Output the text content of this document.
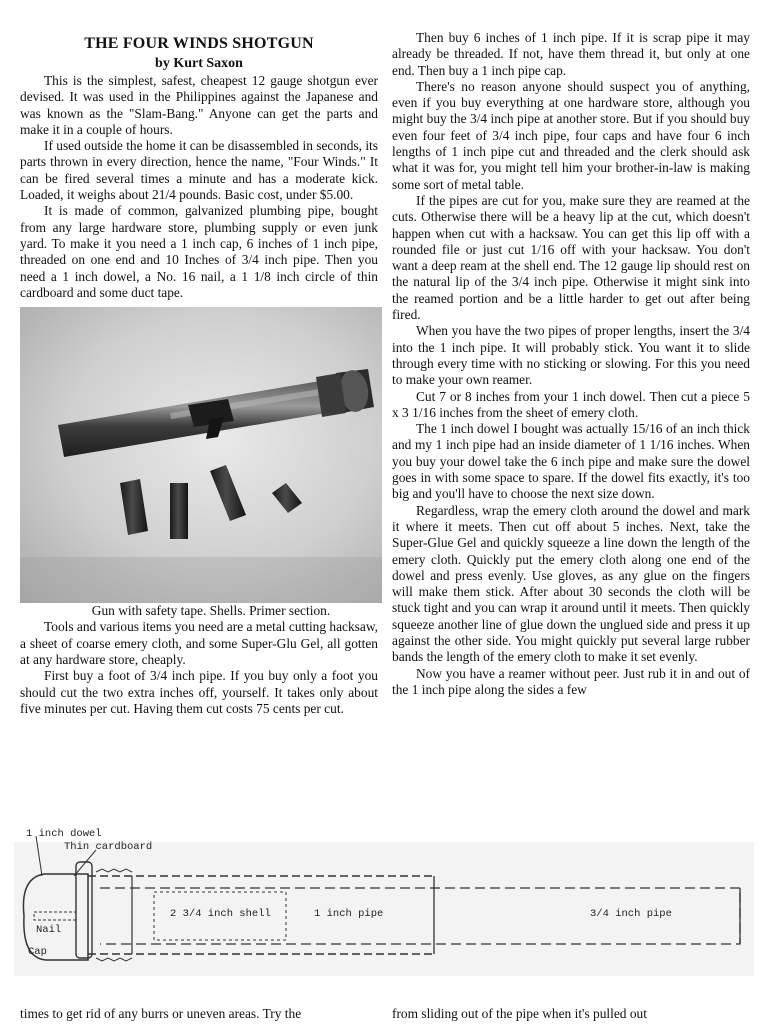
THE FOUR WINDS SHOTGUN
by Kurt Saxon

This is the simplest, safest, cheapest 12 gauge shotgun ever devised. It was used in the Philippines against the Japanese and was known as the "Slam-Bang." Anyone can get the parts and make it in a couple of hours.

If used outside the home it can be disassembled in seconds, its parts thrown in every direction, hence the name, "Four Winds." It can be fired several times a minute and has a moderate kick. Loaded, it weighs about 21/4 pounds. Basic cost, under $5.00.

It is made of common, galvanized plumbing pipe, bought from any large hardware store, plumbing supply or even junk yard. To make it you need a 1 inch cap, 6 inches of 1 inch pipe, threaded on one end and 10 Inches of 3/4 inch pipe. Then you need a 1 inch dowel, a No. 16 nail, a 1 1/8 inch circle of thin cardboard and some duct tape.

Gun with safety tape. Shells. Primer section.

Tools and various items you need are a metal cutting hacksaw, a sheet of coarse emery cloth, and some Super-Glu Gel, all gotten at any hardware store, cheaply.

First buy a foot of 3/4 inch pipe. If you buy only a foot you should cut the two extra inches off, yourself. It takes only about five minutes per cut. Having them cut costs 75 cents per cut.

Then buy 6 inches of 1 inch pipe. If it is scrap pipe it may already be threaded. If not, have them thread it, but only at one end. Then buy a 1 inch pipe cap.

There's no reason anyone should suspect you of anything, even if you buy everything at one hardware store, although you might buy the 3/4 inch pipe at another store. But if you should buy even four feet of 3/4 inch pipe, four caps and have four 6 inch lengths of 1 inch pipe cut and threaded and the clerk should ask what it was for, you might tell him your brother-in-law is making some sort of metal table.

If the pipes are cut for you, make sure they are reamed at the cuts. Otherwise there will be a heavy lip at the cut, which doesn't happen when cut with a hacksaw. You can get this lip off with a rounded file or just cut 1/16 off with your hacksaw. You don't want a deep ream at the shell end. The 12 gauge lip should rest on the natural lip of the 3/4 inch pipe. Otherwise it might sink into the reamed portion and be a little harder to get out after being fired.

When you have the two pipes of proper lengths, insert the 3/4 into the 1 inch pipe. It will probably stick. You want it to slide through every time with no sticking or slowing. For this you need to make your own reamer.

Cut 7 or 8 inches from your 1 inch dowel. Then cut a piece 5 x 3 1/16 inches from the sheet of emery cloth.

The 1 inch dowel I bought was actually 15/16 of an inch thick and my 1 inch pipe had an inside diameter of 1 1/16 inches. When you buy your dowel take the 6 inch pipe and make sure the dowel goes in with some space to spare. If the dowel fits exactly, it's too big and you'll have to choose the next size down.

Regardless, wrap the emery cloth around the dowel and mark it where it meets. Then cut off about 5 inches. Next, take the Super-Glue Gel and quickly squeeze a line down the length of the emery cloth. Quickly put the emery cloth along one end of the dowel and press evenly. Use gloves, as any glue on the fingers will make them stick. After about 30 seconds the cloth will be stuck tight and you can wrap it around until it meets. Then quickly squeeze another line of glue down the unglued side and press it up against the other side. You might quickly put several large rubber bands the length of the emery cloth to make it set evenly.

Now you have a reamer without peer. Just rub it in and out of the 1 inch pipe along the sides a few

1 inch dowel
Thin cardboard
2 3/4 inch shell	1 inch pipe	3/4 inch pipe
Nail
Cap
times to get rid of any burrs or uneven areas. Try the	from sliding out of the pipe when it's pulled out
